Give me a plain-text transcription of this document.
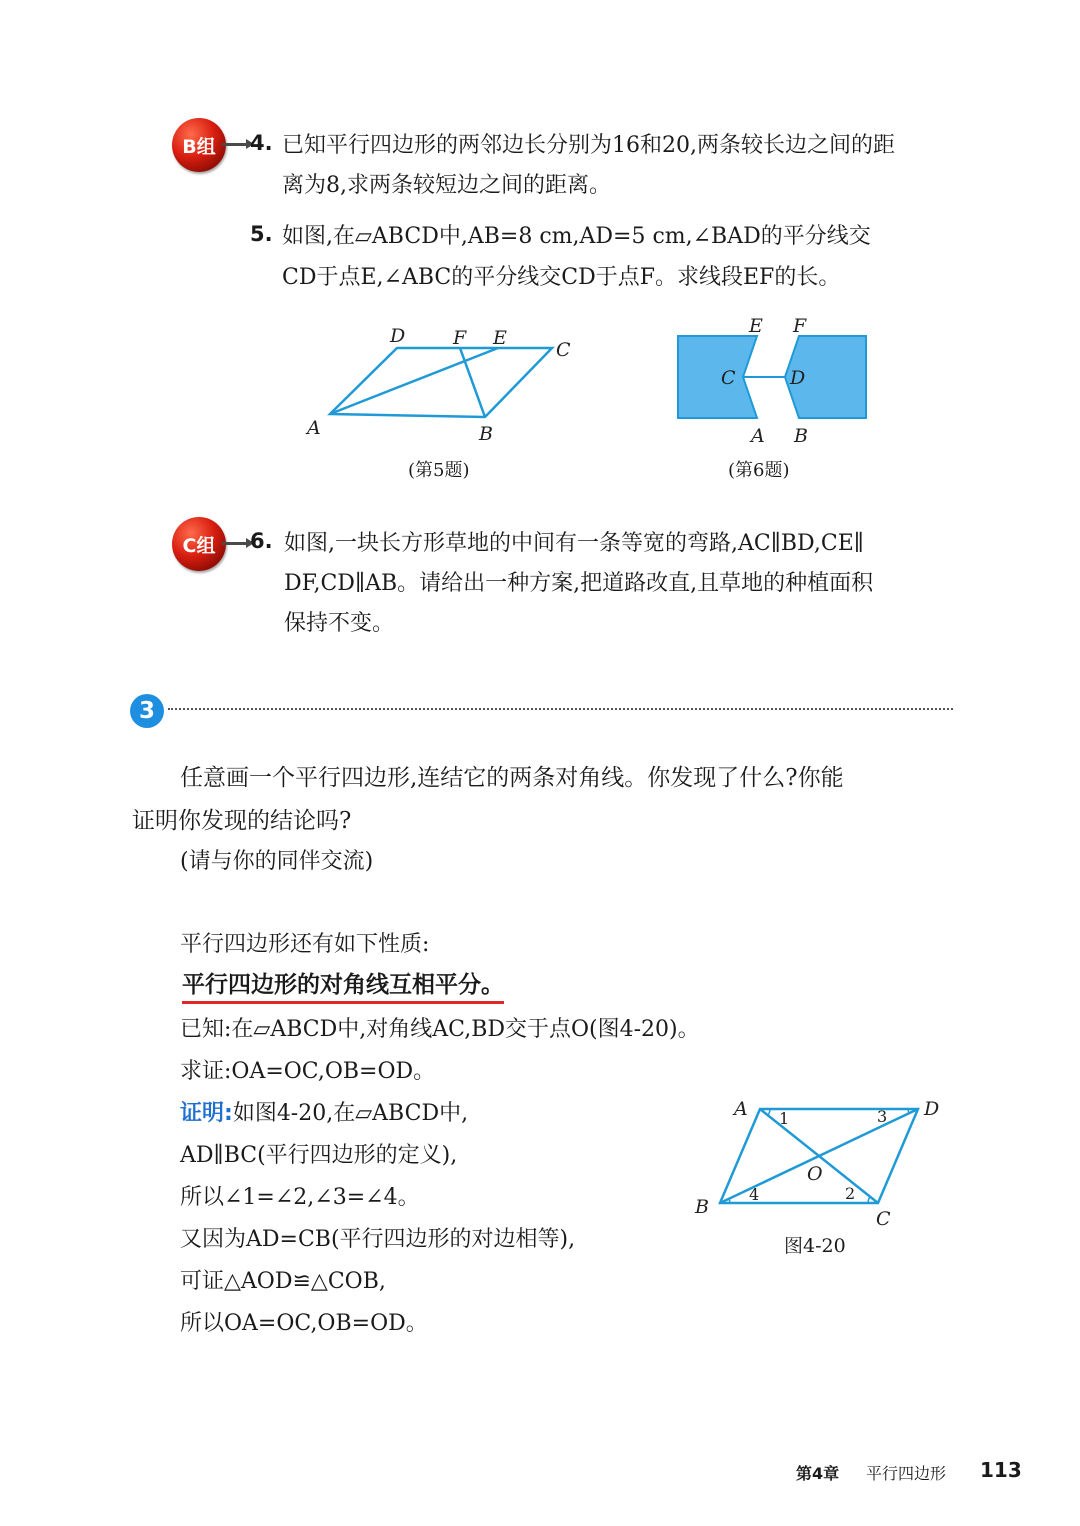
B组 4. 已知平行四边形的两邻边长分别为16和20,两条较长边之间的距
离为8,求两条较短边之间的距离。
5. 如图,在▱ABCD中,AB=8 cm,AD=5 cm,∠BAD的平分线交
CD于点E,∠ABC的平分线交CD于点F。求线段EF的长。
D	F E
C
A	B
(第5题)
E F
C	D
A B
(第6题)
C组 6. 如图,一块长方形草地的中间有一条等宽的弯路,AC∥BD,CE∥
DF,CD∥AB。请给出一种方案,把道路改直,且草地的种植面积
保持不变。
3
任意画一个平行四边形,连结它的两条对角线。你发现了什么?你能
证明你发现的结论吗?
(请与你的同伴交流)
平行四边形还有如下性质:
平行四边形的对角线互相平分。
已知:在▱ABCD中,对角线AC,BD交于点O(图4-20)。
求证:OA=OC,OB=OD。
证明:如图4-20,在▱ABCD中,
AD∥BC(平行四边形的定义),
所以∠1=∠2,∠3=∠4。
又因为AD=CB(平行四边形的对边相等),
可证△AOD≌△COB,
所以OA=OC,OB=OD。
A	D
B
C
O
1
2
3
4
图4-20
第4章 平行四边形 113
